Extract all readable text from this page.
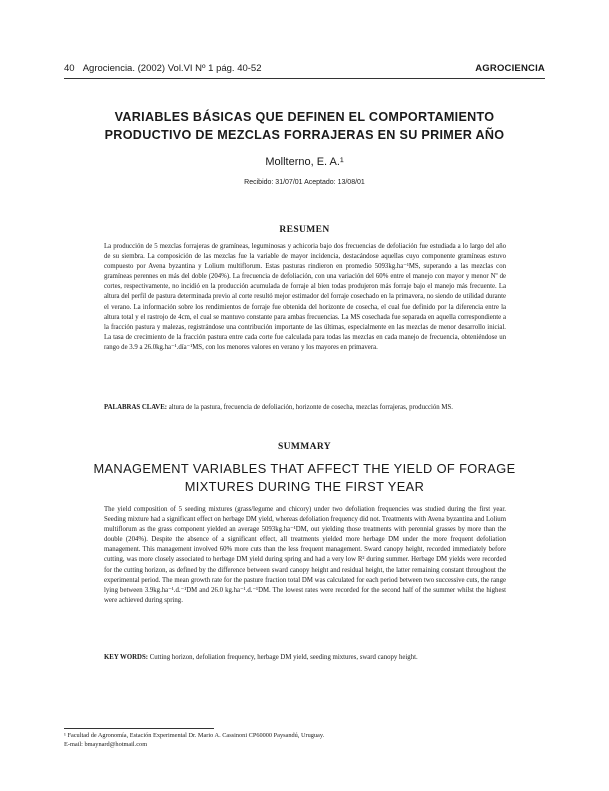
40 Agrociencia. (2002) Vol.VI Nº 1 pág. 40-52	AGROCIENCIA
VARIABLES BÁSICAS QUE DEFINEN EL COMPORTAMIENTO PRODUCTIVO DE MEZCLAS FORRAJERAS EN SU PRIMER AÑO
Mollterno, E. A.¹
Recibido: 31/07/01 Aceptado: 13/08/01
RESUMEN
La producción de 5 mezclas forrajeras de gramíneas, leguminosas y achicoria bajo dos frecuencias de defoliación fue estudiada a lo largo del año de su siembra. La composición de las mezclas fue la variable de mayor incidencia, destacándose aquellas cuyo componente gramíneas estuvo compuesto por Avena byzantina y Lolium multiflorum. Estas pasturas rindieron en promedio 5093kg.ha⁻¹MS, superando a las mezclas con gramíneas perennes en más del doble (204%). La frecuencia de defoliación, con una variación del 60% entre el manejo con mayor y menor Nº de cortes, respectivamente, no incidió en la producción acumulada de forraje al bien todas produjeron más forraje bajo el manejo más frecuente. La altura del perfil de pastura determinada previo al corte resultó mejor estimador del forraje cosechado en la primavera, no siendo de utilidad durante el verano. La información sobre los rendimientos de forraje fue obtenida del horizonte de cosecha, el cual fue definido por la diferencia entre la altura total y el rastrojo de 4cm, el cual se mantuvo constante para ambas frecuencias. La MS cosechada fue separada en aquella correspondiente a la fracción pastura y malezas, registrándose una contribución importante de las últimas, especialmente en las mezclas de menor desarrollo inicial. La tasa de crecimiento de la fracción pastura entre cada corte fue calculada para todas las mezclas en cada manejo de frecuencia, obteniéndose un rango de 3.9 a 26.0kg.ha⁻¹.día⁻¹MS, con los menores valores en verano y los mayores en primavera.
PALABRAS CLAVE: altura de la pastura, frecuencia de defoliación, horizonte de cosecha, mezclas forrajeras, producción MS.
SUMMARY
MANAGEMENT VARIABLES THAT AFFECT THE YIELD OF FORAGE MIXTURES DURING THE FIRST YEAR
The yield composition of 5 seeding mixtures (grass/legume and chicory) under two defoliation frequencies was studied during the first year. Seeding mixture had a significant effect on herbage DM yield, whereas defoliation frequency did not. Treatments with Avena byzantina and Lolium multiflorum as the grass component yielded an average 5093kg.ha⁻¹DM, out yielding those treatments with perennial grasses by more than the double (204%). Despite the absence of a significant effect, all treatments yielded more herbage DM under the more frequent defoliation management. This management involved 60% more cuts than the less frequent management. Sward canopy height, recorded immediately before cutting, was more closely associated to herbage DM yield during spring and had a very low R² during summer. Herbage DM yields were recorded for the cutting horizon, as defined by the difference between sward canopy height and residual height, the latter remaining constant throughout the experimental period. The mean growth rate for the pasture fraction total DM was calculated for each period between two successive cuts, the range lying between 3.9kg.ha⁻¹.d.⁻¹DM and 26.0 kg.ha⁻¹.d.⁻¹DM. The lowest rates were recorded for the second half of the summer whilst the highest were achieved during spring.
KEY WORDS: Cutting horizon, defoliation frequency, herbage DM yield, seeding mixtures, sward canopy height.
¹ Facultad de Agronomía, Estación Experimental Dr. Mario A. Cassinoni CP60000 Paysandú, Uruguay.
E-mail: bmaynard@hotmail.com
